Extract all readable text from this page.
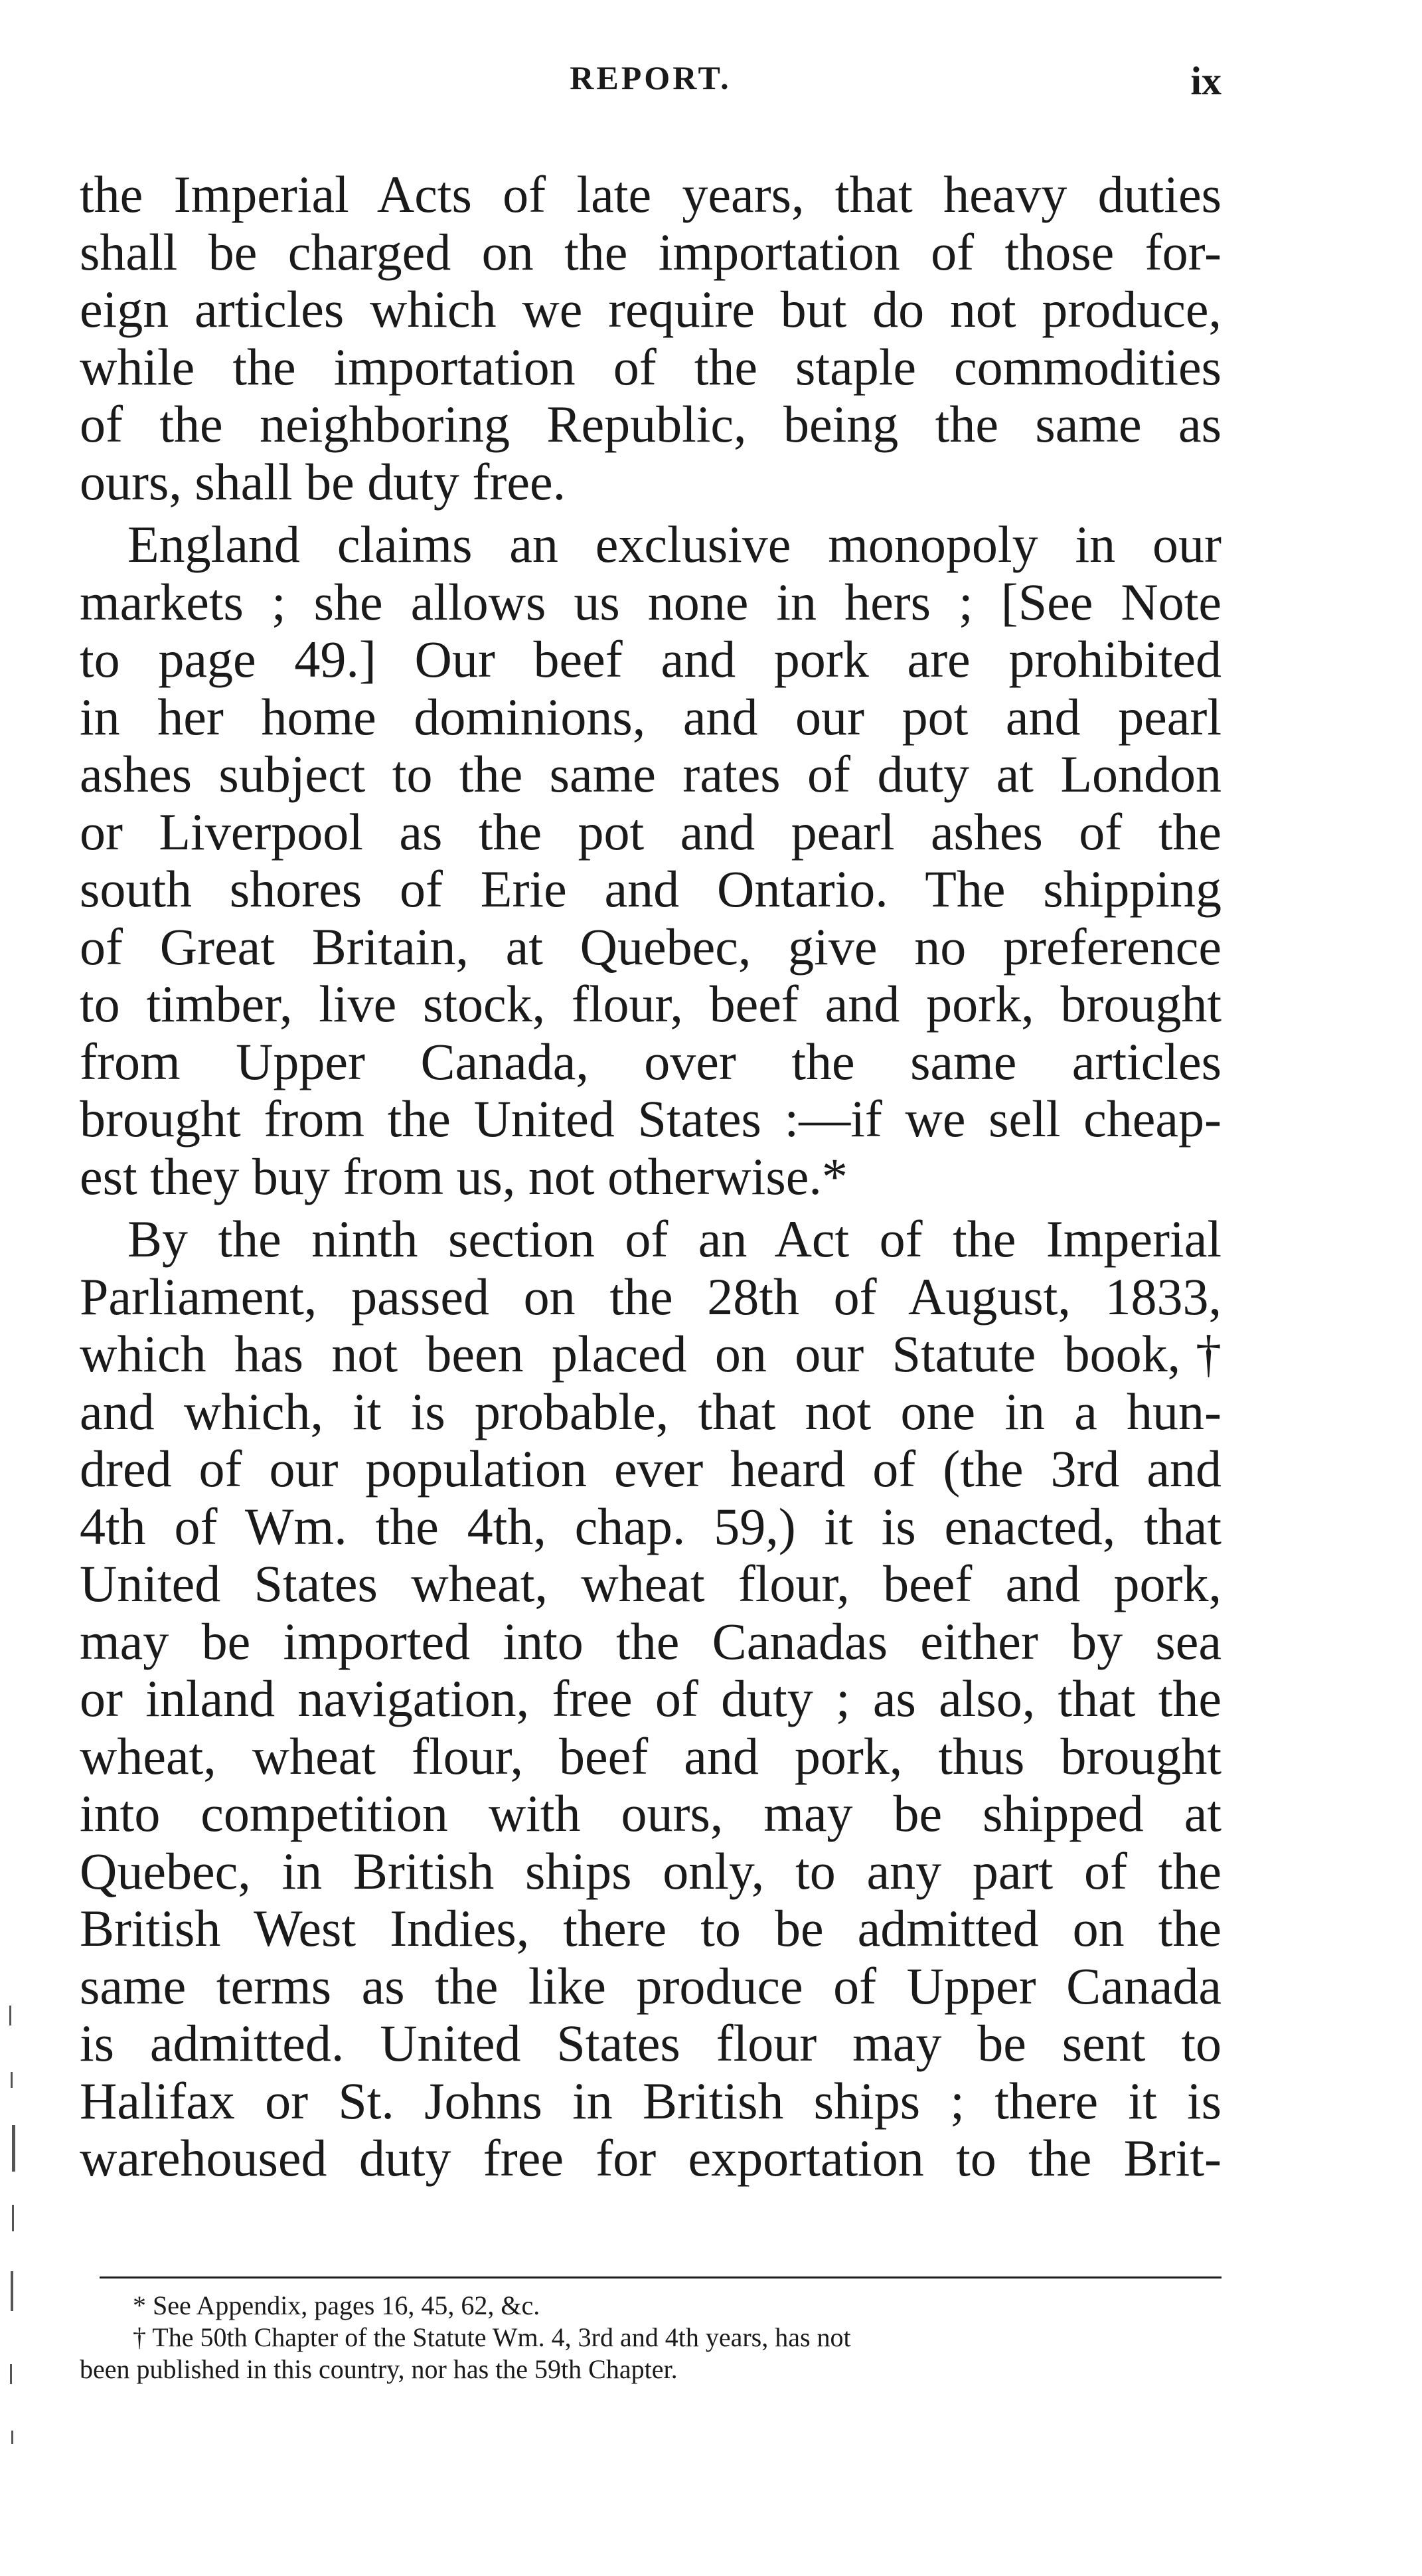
REPORT.	ix

the Imperial Acts of late years, that heavy duties
shall be charged on the importation of those for-
eign articles which we require but do not produce,
while the importation of the staple commodities
of the neighboring Republic, being the same as
ours, shall be duty free.

England claims an exclusive monopoly in our
markets ; she allows us none in hers ; [See Note
to page 49.] Our beef and pork are prohibited
in her home dominions, and our pot and pearl
ashes subject to the same rates of duty at London
or Liverpool as the pot and pearl ashes of the
south shores of Erie and Ontario. The shipping
of Great Britain, at Quebec, give no preference
to timber, live stock, flour, beef and pork, brought
from Upper Canada, over the same articles
brought from the United States :—if we sell cheap-
est they buy from us, not otherwise.*

By the ninth section of an Act of the Imperial
Parliament, passed on the 28th of August, 1833,
which has not been placed on our Statute book,†
and which, it is probable, that not one in a hun-
dred of our population ever heard of (the 3rd and
4th of Wm. the 4th, chap. 59,) it is enacted, that
United States wheat, wheat flour, beef and pork,
may be imported into the Canadas either by sea
or inland navigation, free of duty ; as also, that the
wheat, wheat flour, beef and pork, thus brought
into competition with ours, may be shipped at
Quebec, in British ships only, to any part of the
British West Indies, there to be admitted on the
same terms as the like produce of Upper Canada
is admitted. United States flour may be sent to
Halifax or St. Johns in British ships ; there it is
warehoused duty free for exportation to the Brit-

* See Appendix, pages 16, 45, 62, &c.
† The 50th Chapter of the Statute Wm. 4, 3rd and 4th years, has not
been published in this country, nor has the 59th Chapter.
